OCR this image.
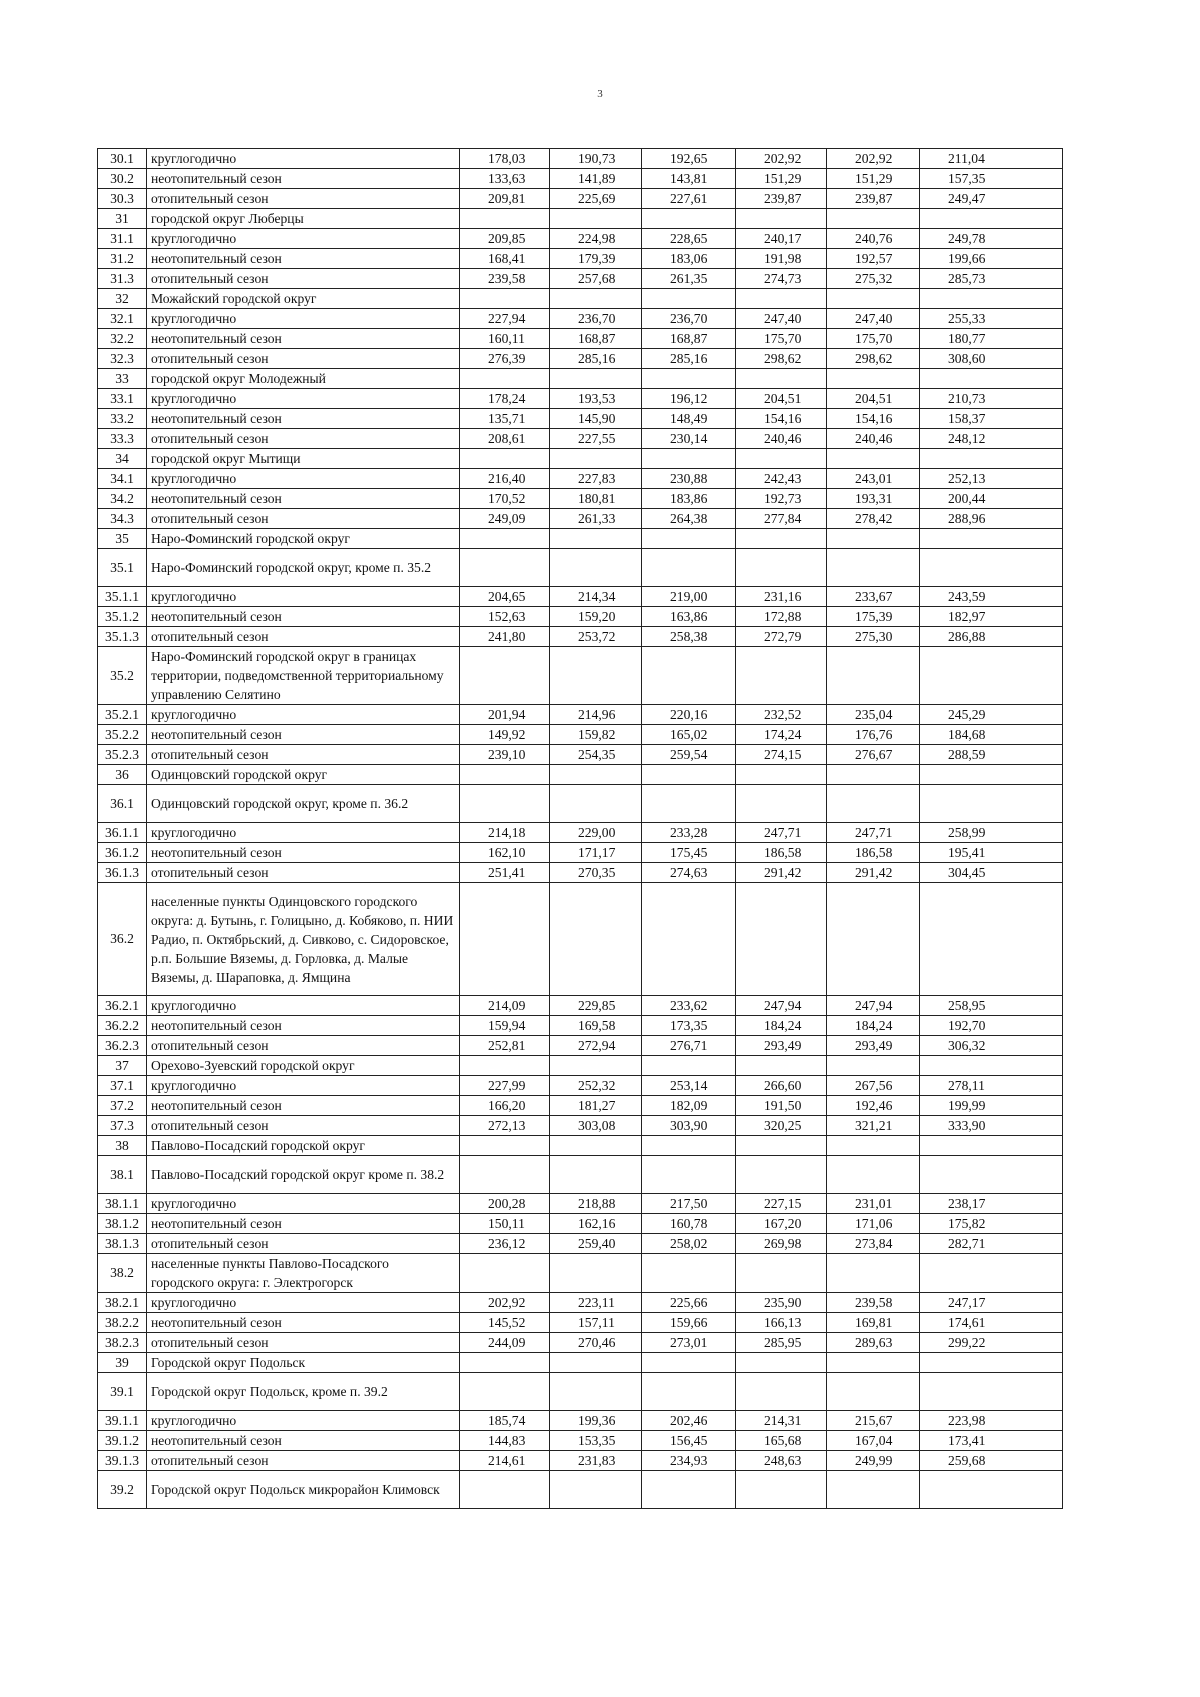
3
30.1	круглогодично	178,03	190,73	192,65	202,92	202,92	211,04
30.2	неотопительный сезон	133,63	141,89	143,81	151,29	151,29	157,35
30.3	отопительный сезон	209,81	225,69	227,61	239,87	239,87	249,47
31	городской округ Люберцы						
31.1	круглогодично	209,85	224,98	228,65	240,17	240,76	249,78
31.2	неотопительный сезон	168,41	179,39	183,06	191,98	192,57	199,66
31.3	отопительный сезон	239,58	257,68	261,35	274,73	275,32	285,73
32	Можайский городской округ						
32.1	круглогодично	227,94	236,70	236,70	247,40	247,40	255,33
32.2	неотопительный сезон	160,11	168,87	168,87	175,70	175,70	180,77
32.3	отопительный сезон	276,39	285,16	285,16	298,62	298,62	308,60
33	городской округ Молодежный						
33.1	круглогодично	178,24	193,53	196,12	204,51	204,51	210,73
33.2	неотопительный сезон	135,71	145,90	148,49	154,16	154,16	158,37
33.3	отопительный сезон	208,61	227,55	230,14	240,46	240,46	248,12
34	городской округ Мытищи						
34.1	круглогодично	216,40	227,83	230,88	242,43	243,01	252,13
34.2	неотопительный сезон	170,52	180,81	183,86	192,73	193,31	200,44
34.3	отопительный сезон	249,09	261,33	264,38	277,84	278,42	288,96
35	Наро-Фоминский городской округ						
35.1	Наро-Фоминский городской округ, кроме п. 35.2						
35.1.1	круглогодично	204,65	214,34	219,00	231,16	233,67	243,59
35.1.2	неотопительный сезон	152,63	159,20	163,86	172,88	175,39	182,97
35.1.3	отопительный сезон	241,80	253,72	258,38	272,79	275,30	286,88
35.2	Наро-Фоминский городской округ в границах территории, подведомственной территориальному управлению Селятино						
35.2.1	круглогодично	201,94	214,96	220,16	232,52	235,04	245,29
35.2.2	неотопительный сезон	149,92	159,82	165,02	174,24	176,76	184,68
35.2.3	отопительный сезон	239,10	254,35	259,54	274,15	276,67	288,59
36	Одинцовский городской округ						
36.1	Одинцовский городской округ, кроме п. 36.2						
36.1.1	круглогодично	214,18	229,00	233,28	247,71	247,71	258,99
36.1.2	неотопительный сезон	162,10	171,17	175,45	186,58	186,58	195,41
36.1.3	отопительный сезон	251,41	270,35	274,63	291,42	291,42	304,45
36.2	населенные пункты Одинцовского городского округа: д. Бутынь, г. Голицыно, д. Кобяково, п. НИИ Радио, п. Октябрьский, д. Сивково, с. Сидоровское, р.п. Большие Вяземы, д. Горловка, д. Малые Вяземы, д. Шараповка, д. Ямщина						
36.2.1	круглогодично	214,09	229,85	233,62	247,94	247,94	258,95
36.2.2	неотопительный сезон	159,94	169,58	173,35	184,24	184,24	192,70
36.2.3	отопительный сезон	252,81	272,94	276,71	293,49	293,49	306,32
37	Орехово-Зуевский городской округ						
37.1	круглогодично	227,99	252,32	253,14	266,60	267,56	278,11
37.2	неотопительный сезон	166,20	181,27	182,09	191,50	192,46	199,99
37.3	отопительный сезон	272,13	303,08	303,90	320,25	321,21	333,90
38	Павлово-Посадский городской округ						
38.1	Павлово-Посадский городской округ кроме п. 38.2						
38.1.1	круглогодично	200,28	218,88	217,50	227,15	231,01	238,17
38.1.2	неотопительный сезон	150,11	162,16	160,78	167,20	171,06	175,82
38.1.3	отопительный сезон	236,12	259,40	258,02	269,98	273,84	282,71
38.2	населенные пункты Павлово-Посадского городского округа: г. Электрогорск						
38.2.1	круглогодично	202,92	223,11	225,66	235,90	239,58	247,17
38.2.2	неотопительный сезон	145,52	157,11	159,66	166,13	169,81	174,61
38.2.3	отопительный сезон	244,09	270,46	273,01	285,95	289,63	299,22
39	Городской округ Подольск						
39.1	Городской округ Подольск, кроме п. 39.2						
39.1.1	круглогодично	185,74	199,36	202,46	214,31	215,67	223,98
39.1.2	неотопительный сезон	144,83	153,35	156,45	165,68	167,04	173,41
39.1.3	отопительный сезон	214,61	231,83	234,93	248,63	249,99	259,68
39.2	Городской округ Подольск микрорайон Климовск						
